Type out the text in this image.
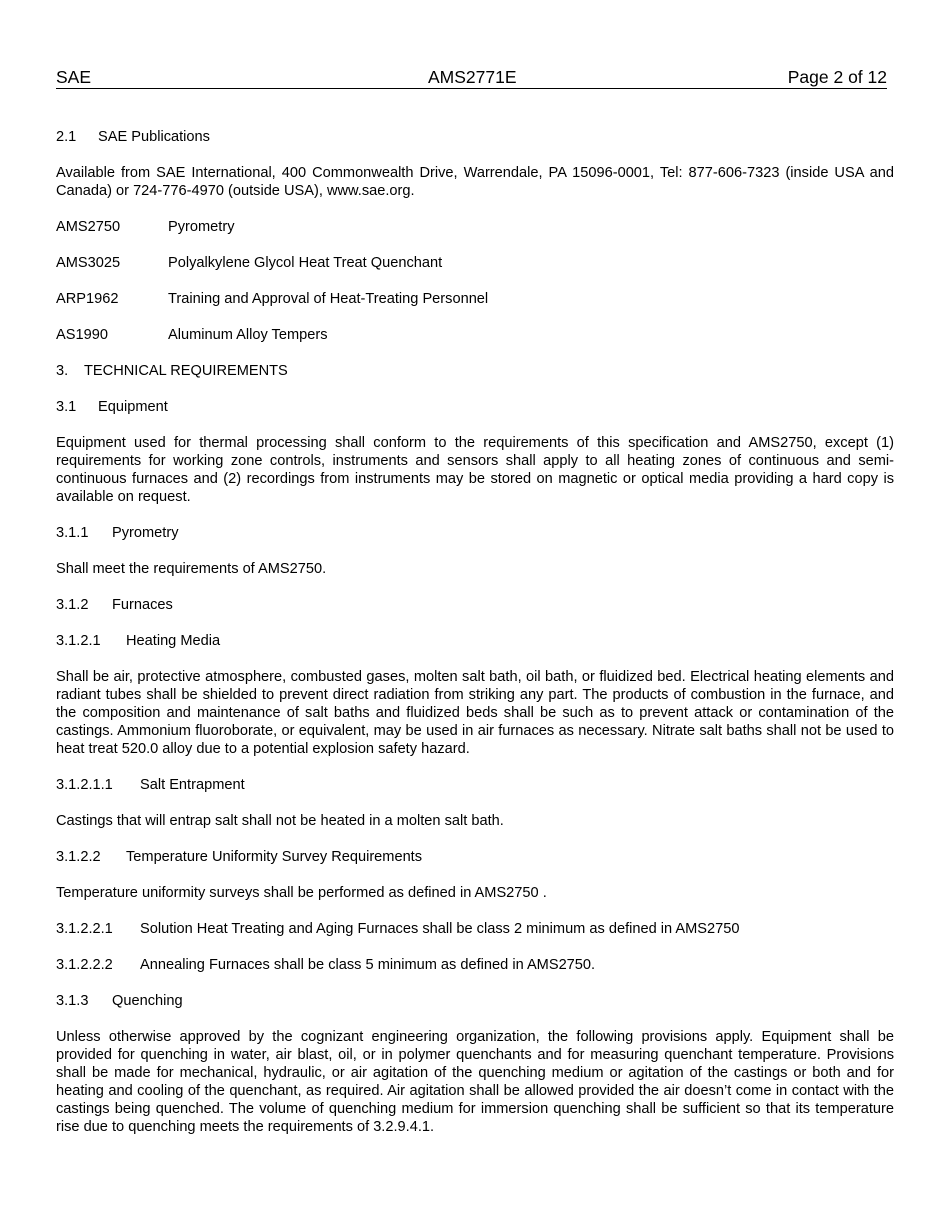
SAE	AMS2771E	Page 2 of 12
2.1 SAE Publications
Available from SAE International, 400 Commonwealth Drive, Warrendale, PA 15096-0001, Tel: 877-606-7323 (inside USA and Canada) or 724-776-4970 (outside USA), www.sae.org.
AMS2750	Pyrometry
AMS3025	Polyalkylene Glycol Heat Treat Quenchant
ARP1962	Training and Approval of Heat-Treating Personnel
AS1990	Aluminum Alloy Tempers
3. TECHNICAL REQUIREMENTS
3.1 Equipment
Equipment used for thermal processing shall conform to the requirements of this specification and AMS2750, except (1) requirements for working zone controls, instruments and sensors shall apply to all heating zones of continuous and semi-continuous furnaces and (2) recordings from instruments may be stored on magnetic or optical media providing a hard copy is available on request.
3.1.1 Pyrometry
Shall meet the requirements of AMS2750.
3.1.2 Furnaces
3.1.2.1 Heating Media
Shall be air, protective atmosphere, combusted gases, molten salt bath, oil bath, or fluidized bed. Electrical heating elements and radiant tubes shall be shielded to prevent direct radiation from striking any part. The products of combustion in the furnace, and the composition and maintenance of salt baths and fluidized beds shall be such as to prevent attack or contamination of the castings. Ammonium fluoroborate, or equivalent, may be used in air furnaces as necessary. Nitrate salt baths shall not be used to heat treat 520.0 alloy due to a potential explosion safety hazard.
3.1.2.1.1 Salt Entrapment
Castings that will entrap salt shall not be heated in a molten salt bath.
3.1.2.2 Temperature Uniformity Survey Requirements
Temperature uniformity surveys shall be performed as defined in AMS2750 .
3.1.2.2.1 Solution Heat Treating and Aging Furnaces shall be class 2 minimum as defined in AMS2750
3.1.2.2.2 Annealing Furnaces shall be class 5 minimum as defined in AMS2750.
3.1.3 Quenching
Unless otherwise approved by the cognizant engineering organization, the following provisions apply. Equipment shall be provided for quenching in water, air blast, oil, or in polymer quenchants and for measuring quenchant temperature. Provisions shall be made for mechanical, hydraulic, or air agitation of the quenching medium or agitation of the castings or both and for heating and cooling of the quenchant, as required. Air agitation shall be allowed provided the air doesn’t come in contact with the castings being quenched. The volume of quenching medium for immersion quenching shall be sufficient so that its temperature rise due to quenching meets the requirements of 3.2.9.4.1.
